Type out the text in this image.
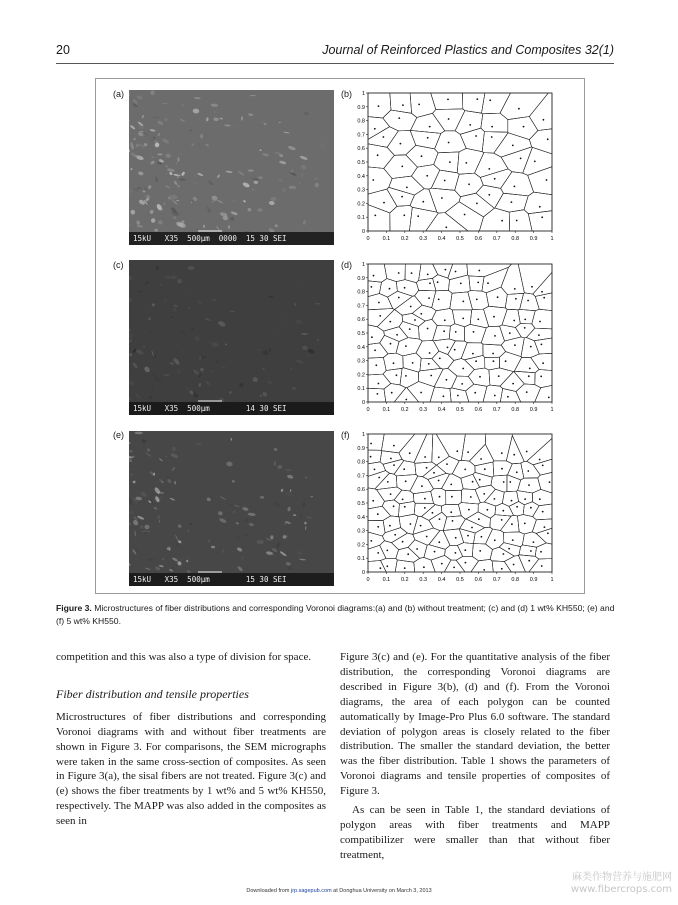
20	Journal of Reinforced Plastics and Composites 32(1)
(a)	(b)
(c)	(d)
(e)	(f)
15kU   X35  500μm  0000  15 30 SEI
15kU   X35  500μm        14 30 SEI
15kU   X35  500μm        15 30 SEI
0 0.1 0.2 0.3 0.4 0.5 0.6 0.7 0.8 0.9 1
0
0.1
0.2
0.3
0.4
0.5
0.6
0.7
0.8
0.9
1
0 0.1 0.2 0.3 0.4 0.5 0.6 0.7 0.8 0.9 1
0
0.1
0.2
0.3
0.4
0.5
0.6
0.7
0.8
0.9
1
0 0.1 0.2 0.3 0.4 0.5 0.6 0.7 0.8 0.9 1
0
0.1
0.2
0.3
0.4
0.5
0.6
0.7
0.8
0.9
1
Figure 3. Microstructures of fiber distributions and corresponding Voronoi diagrams:(a) and (b) without treatment; (c) and (d) 1 wt% KH550; (e) and (f) 5 wt% KH550.

competition and this was also a type of division for space.

Fiber distribution and tensile properties

Microstructures of fiber distributions and corresponding Voronoi diagrams with and without fiber treatments are shown in Figure 3. For comparisons, the SEM micrographs were taken in the same cross-section of composites. As seen in Figure 3(a), the sisal fibers are not treated. Figure 3(c) and (e) shows the fiber treatments by 1 wt% and 5 wt% KH550, respectively. The MAPP was also added in the composites as seen in

Figure 3(c) and (e). For the quantitative analysis of the fiber distribution, the corresponding Voronoi diagrams are described in Figure 3(b), (d) and (f). From the Voronoi diagrams, the area of each polygon can be counted automatically by Image-Pro Plus 6.0 software. The standard deviation of polygon areas is closely related to the fiber distribution. The smaller the standard deviation, the better was the fiber distribution. Table 1 shows the parameters of Voronoi diagrams and tensile properties of composites of Figure 3.

As can be seen in Table 1, the standard deviations of polygon areas with fiber treatments and MAPP compatibilizer were smaller than that without fiber treatment,

Downloaded from jrp.sagepub.com at Donghua University on March 3, 2013
麻类作物营养与施肥网
www.fibercrops.com
